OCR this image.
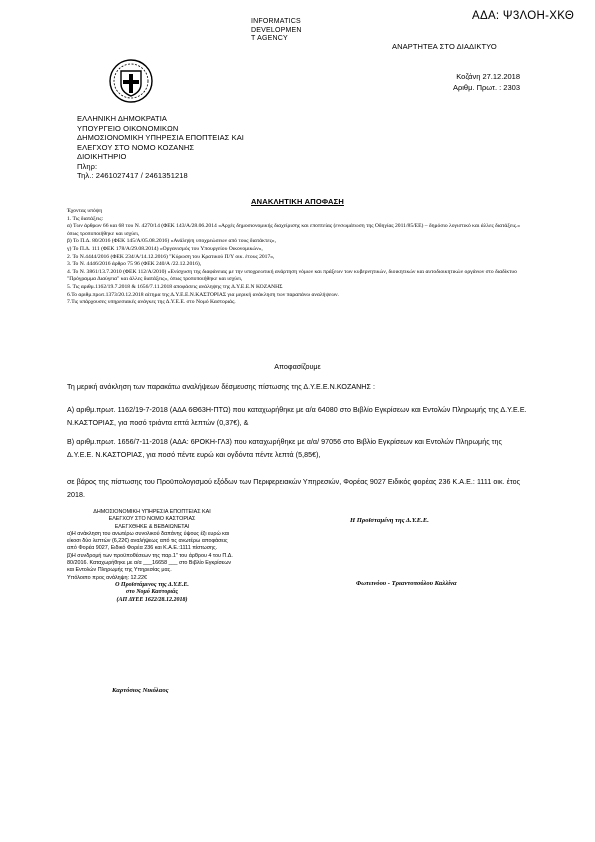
ΑΔΑ: Ψ3ΛΟΗ-ΧΚΘ
INFORMATICS
DEVELOPMEN
T AGENCY
ΑΝΑΡΤΗΤΕΑ ΣΤΟ ΔΙΑΔΙΚΤΥΟ
Κοζάνη 27.12.2018
Αριθμ. Πρωτ. : 2303
ΕΛΛΗΝΙΚΗ ΔΗΜΟΚΡΑΤΙΑ
ΥΠΟΥΡΓΕΙΟ ΟΙΚΟΝΟΜΙΚΩΝ
ΔΗΜΟΣΙΟΝΟΜΙΚΗ ΥΠΗΡΕΣΙΑ ΕΠΟΠΤΕΙΑΣ ΚΑΙ
ΕΛΕΓΧΟΥ ΣΤΟ ΝΟΜΟ ΚΟΖΑΝΗΣ
ΔΙΟΙΚΗΤΗΡΙΟ
Πληρ:
Τηλ.: 2461027417 / 2461351218
ΑΝΑΚΛΗΤΙΚΗ ΑΠΟΦΑΣΗ
Έχοντας υπόψη
1. Τις διατάξεις:
α) Των άρθρων 66 και 68 του Ν. 4270/14 (ΦΕΚ 143/Α/28.06.2014 «Αρχές δημοσιονομικής διαχείρισης και εποπτείας (ενσωμάτωση της Οδηγίας 2011/85/ΕΕ) – δημόσιο λογιστικό και άλλες διατάξεις.» όπως τροποποιήθηκε και ισχύει,
β) Το Π.Δ. 80/2016 (ΦΕΚ 145/Α/05.08.2016) «Ανάληψη υποχρεώσεων από τους διατάκτες»,
γ) Το Π.Δ. 111 (ΦΕΚ 178/Α/29.08.2014) «Οργανισμός του Υπουργείου Οικονομικών»,
2. Το Ν.4444/2016 (ΦΕΚ 234/Α/14.12.2016) "Κύρωση του Κρατικού Π/Υ οικ. έτους 2017»,
3. Το Ν. 4446/2016 άρθρο 75 96 (ΦΕΚ 240/Α /22.12.2016),
4. Το Ν. 3861/13.7.2010 (ΦΕΚ 112/Α/2010) «Ενίσχυση της διαφάνειας με την υποχρεωτική ανάρτηση νόμων και πράξεων των κυβερνητικών, διοικητικών και αυτοδιοικητικών οργάνων στο διαδίκτυο "Πρόγραμμα Διαύγεια" και άλλες διατάξεις», όπως τροποποιήθηκε και ισχύει,
5. Τις αριθμ.1162/19.7.2018 & 1656/7.11.2018 αποφάσεις ανάληψης της Δ.Υ.Ε.Ε.Ν ΚΟΖΑΝΗΣ
6.Το αριθμ.πρωτ.1373/20.12.2018 αίτημα της Δ.Υ.Ε.Ε.Ν.ΚΑΣΤΟΡΙΑΣ για μερική ανάκληση των παραπάνω αναλήψεων.
7.Τις υπάρχουσες υπηρεσιακές ανάγκες της Δ.Υ.Ε.Ε. στο Νομό Καστοριάς.
Αποφασίζουμε
Τη μερική ανάκληση των παρακάτω αναλήψεων δέσμευσης πίστωσης της Δ.Υ.Ε.Ε.Ν.ΚΟΖΑΝΗΣ :
Α) αριθμ.πρωτ. 1162/19-7-2018 (ΑΔΑ 6Θ63Η-ΠΤΩ) που καταχωρήθηκε με α/α 64080 στο Βιβλίο Εγκρίσεων και Εντολών Πληρωμής της Δ.Υ.Ε.Ε. Ν.ΚΑΣΤΟΡΙΑΣ, για ποσό τριάντα επτά λεπτών (0,37€), &
Β) αριθμ.πρωτ. 1656/7-11-2018 (ΑΔΑ: 6ΡΟΚΗ-ΓΛ3) που καταχωρήθηκε με α/α/ 97056 στο Βιβλίο Εγκρίσεων και Εντολών Πληρωμής της Δ.Υ.Ε.Ε. Ν.ΚΑΣΤΟΡΙΑΣ, για ποσό πέντε ευρώ και ογδόντα πέντε λεπτά (5,85€),
σε βάρος της πίστωσης του Προϋπολογισμού εξόδων των Περιφερειακών Υπηρεσιών, Φορέας 9027 Ειδικός φορέας 236 Κ.Α.Ε.: 1111 οικ. έτος 2018.
ΔΗΜΟΣΙΟΝΟΜΙΚΗ ΥΠΗΡΕΣΙΑ ΕΠΟΠΤΕΙΑΣ ΚΑΙ
ΕΛΕΓΧΟΥ ΣΤΟ ΝΟΜΟ ΚΑΣΤΟΡΙΑΣ
ΕΛΕΓΧΘΗΚΕ & ΒΕΒΑΙΩΝΕΤΑΙ
α)Η ανάκληση του ανωτέρω συνολικού δαπάνης ύψους έξι ευρώ και είκοσι δύο λεπτών (6,22€) αναλήψεως από τις ανωτέρω αποφάσεις από Φορέα 9027, Ειδικό Φορέα 236 και Κ.Α.Ε.:1111 πίστωσης.
β)Η συνδρομή των προϋποθέσεων της παρ.1" του άρθρου 4 του Π.Δ. 80/2016. Καταχωρήθηκε με α/α ___16658 ___ στο Βιβλίο Εγκρίσεων και Εντολών Πληρωμής της Υπηρεσίας μας.
Υπόλοιπο προς ανάληψη: 12.22€
Ο Προϊστάμενος της Δ.Υ.Ε.Ε.
στο Νομό Καστοριάς
(ΑΠ ΔΥΕΕ 1622/28.12.2018)
Η Προϊσταμένη της Δ.Υ.Ε.Ε.
Φωτεινόου - Τριαντοπούλου Καλλίνα
Καρτόσιος Νικόλαος
